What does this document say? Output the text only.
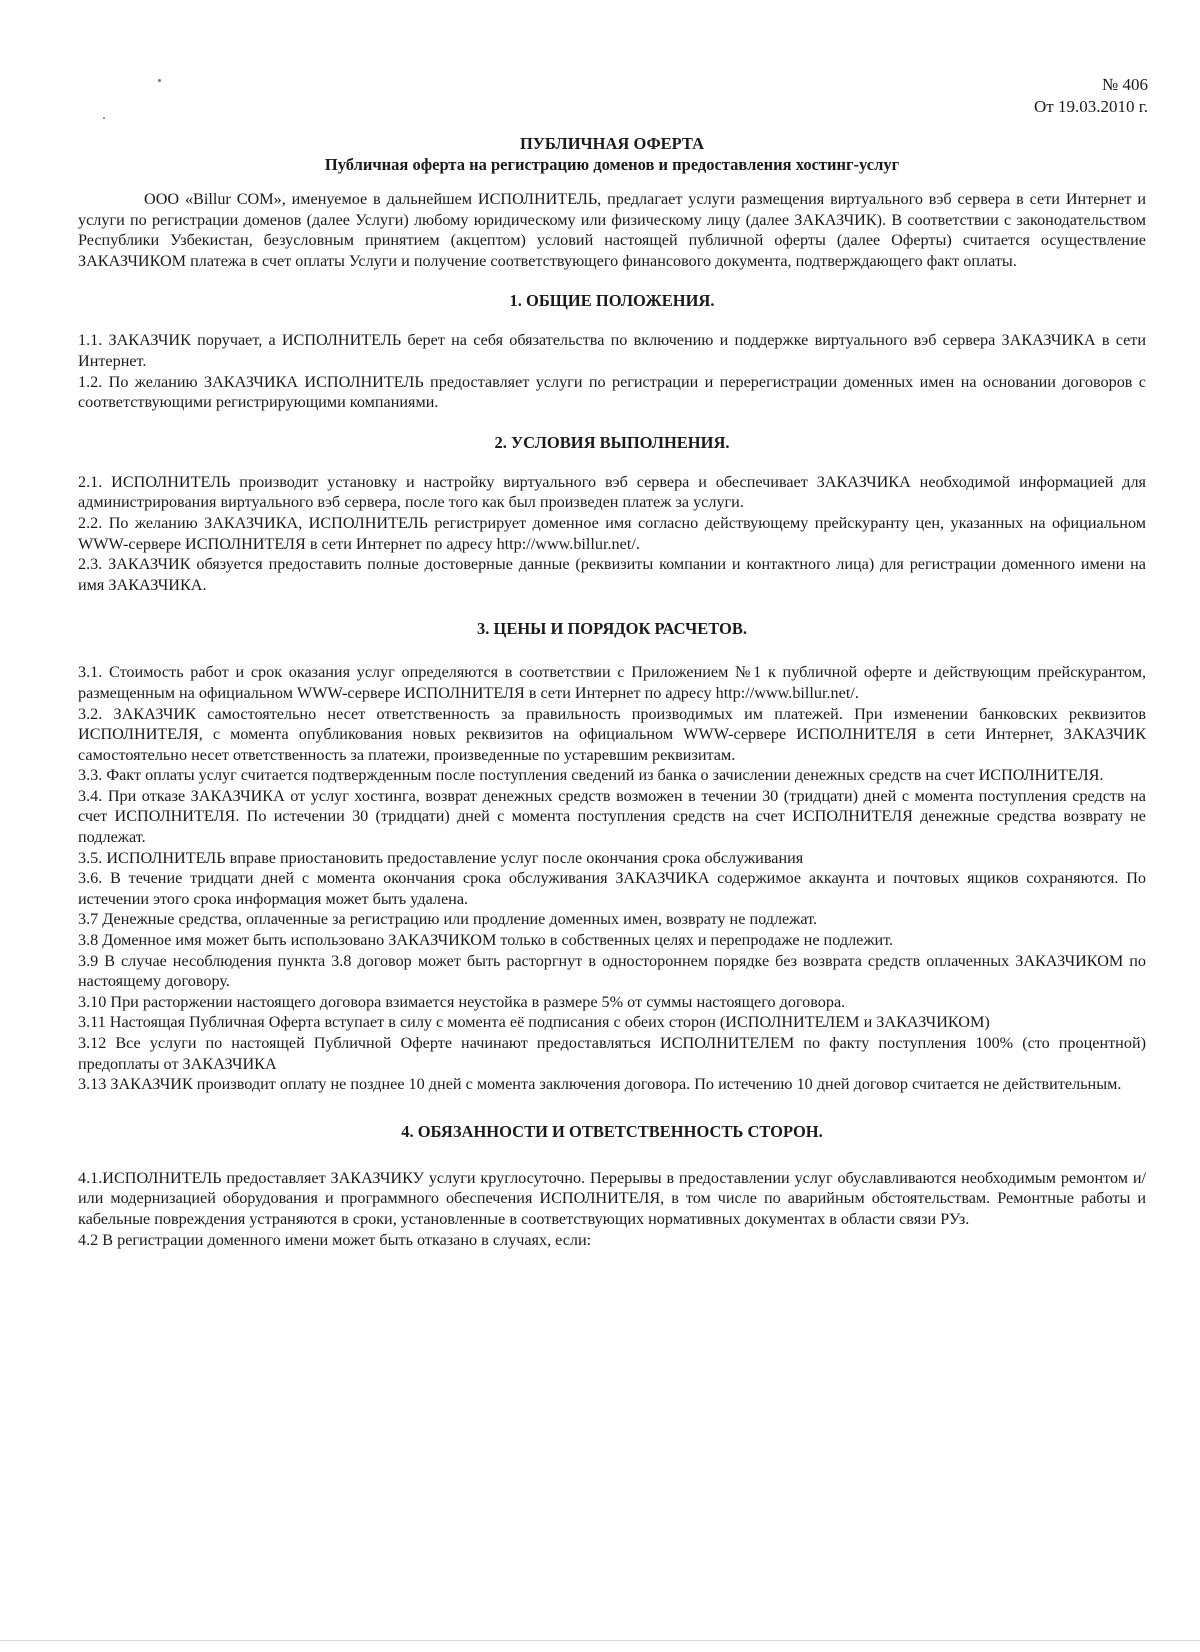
№ 406
От 19.03.2010 г.

ПУБЛИЧНАЯ ОФЕРТА

Публичная оферта на регистрацию доменов и предоставления хостинг-услуг

ООО «Billur COM», именуемое в дальнейшем ИСПОЛНИТЕЛЬ, предлагает услуги размещения виртуального вэб сервера в сети Интернет и услуги по регистрации доменов (далее Услуги) любому юридическому или физическому лицу (далее ЗАКАЗЧИК). В соответствии с законодательством Республики Узбекистан, безусловным принятием (акцептом) условий настоящей публичной оферты (далее Оферты) считается осуществление ЗАКАЗЧИКОМ платежа в счет оплаты Услуги и получение соответствующего финансового документа, подтверждающего факт оплаты.

1. ОБЩИЕ ПОЛОЖЕНИЯ.

1.1. ЗАКАЗЧИК поручает, а ИСПОЛНИТЕЛЬ берет на себя обязательства по включению и поддержке виртуального вэб сервера ЗАКАЗЧИКА в сети Интернет.

1.2. По желанию ЗАКАЗЧИКА ИСПОЛНИТЕЛЬ предоставляет услуги по регистрации и перерегистрации доменных имен на основании договоров с соответствующими регистрирующими компаниями.

2. УСЛОВИЯ ВЫПОЛНЕНИЯ.

2.1. ИСПОЛНИТЕЛЬ производит установку и настройку виртуального вэб сервера и обеспечивает ЗАКАЗЧИКА необходимой информацией для администрирования виртуального вэб сервера, после того как был произведен платеж за услуги.

2.2. По желанию ЗАКАЗЧИКА, ИСПОЛНИТЕЛЬ регистрирует доменное имя согласно действующему прейскуранту цен, указанных на официальном WWW-сервере ИСПОЛНИТЕЛЯ в сети Интернет по адресу http://www.billur.net/.

2.3. ЗАКАЗЧИК обязуется предоставить полные достоверные данные (реквизиты компании и контактного лица) для регистрации доменного имени на имя ЗАКАЗЧИКА.

3. ЦЕНЫ И ПОРЯДОК РАСЧЕТОВ.

3.1. Стоимость работ и срок оказания услуг определяются в соответствии с Приложением №1 к публичной оферте и действующим прейскурантом, размещенным на официальном WWW-сервере ИСПОЛНИТЕЛЯ в сети Интернет по адресу http://www.billur.net/.

3.2. ЗАКАЗЧИК самостоятельно несет ответственность за правильность производимых им платежей. При изменении банковских реквизитов ИСПОЛНИТЕЛЯ, с момента опубликования новых реквизитов на официальном WWW-сервере ИСПОЛНИТЕЛЯ в сети Интернет, ЗАКАЗЧИК самостоятельно несет ответственность за платежи, произведенные по устаревшим реквизитам.

3.3. Факт оплаты услуг считается подтвержденным после поступления сведений из банка о зачислении денежных средств на счет ИСПОЛНИТЕЛЯ.

3.4. При отказе ЗАКАЗЧИКА от услуг хостинга, возврат денежных средств возможен в течении 30 (тридцати) дней с момента поступления средств на счет ИСПОЛНИТЕЛЯ. По истечении 30 (тридцати) дней с момента поступления средств на счет ИСПОЛНИТЕЛЯ денежные средства возврату не подлежат.

3.5. ИСПОЛНИТЕЛЬ вправе приостановить предоставление услуг после окончания срока обслуживания

3.6. В течение тридцати дней с момента окончания срока обслуживания ЗАКАЗЧИКА содержимое аккаунта и почтовых ящиков сохраняются. По истечении этого срока информация может быть удалена.

3.7 Денежные средства, оплаченные за регистрацию или продление доменных имен, возврату не подлежат.

3.8 Доменное имя может быть использовано ЗАКАЗЧИКОМ только в собственных целях и перепродаже не подлежит.

3.9 В случае несоблюдения пункта 3.8 договор может быть расторгнут в одностороннем порядке без возврата средств оплаченных ЗАКАЗЧИКОМ по настоящему договору.

3.10 При расторжении настоящего договора взимается неустойка в размере 5% от суммы настоящего договора.

3.11 Настоящая Публичная Оферта вступает в силу с момента её подписания с обеих сторон (ИСПОЛНИТЕЛЕМ и ЗАКАЗЧИКОМ)

3.12 Все услуги по настоящей Публичной Оферте начинают предоставляться ИСПОЛНИТЕЛЕМ по факту поступления 100% (сто процентной) предоплаты от ЗАКАЗЧИКА

3.13 ЗАКАЗЧИК производит оплату не позднее 10 дней с момента заключения договора. По истечению 10 дней договор считается не действительным.

4. ОБЯЗАННОСТИ И ОТВЕТСТВЕННОСТЬ СТОРОН.

4.1.ИСПОЛНИТЕЛЬ предоставляет ЗАКАЗЧИКУ услуги круглосуточно. Перерывы в предоставлении услуг обуславливаются необходимым ремонтом и/или модернизацией оборудования и программного обеспечения ИСПОЛНИТЕЛЯ, в том числе по аварийным обстоятельствам. Ремонтные работы и кабельные повреждения устраняются в сроки, установленные в соответствующих нормативных документах в области связи РУз.

4.2 В регистрации доменного имени может быть отказано в случаях, если:
